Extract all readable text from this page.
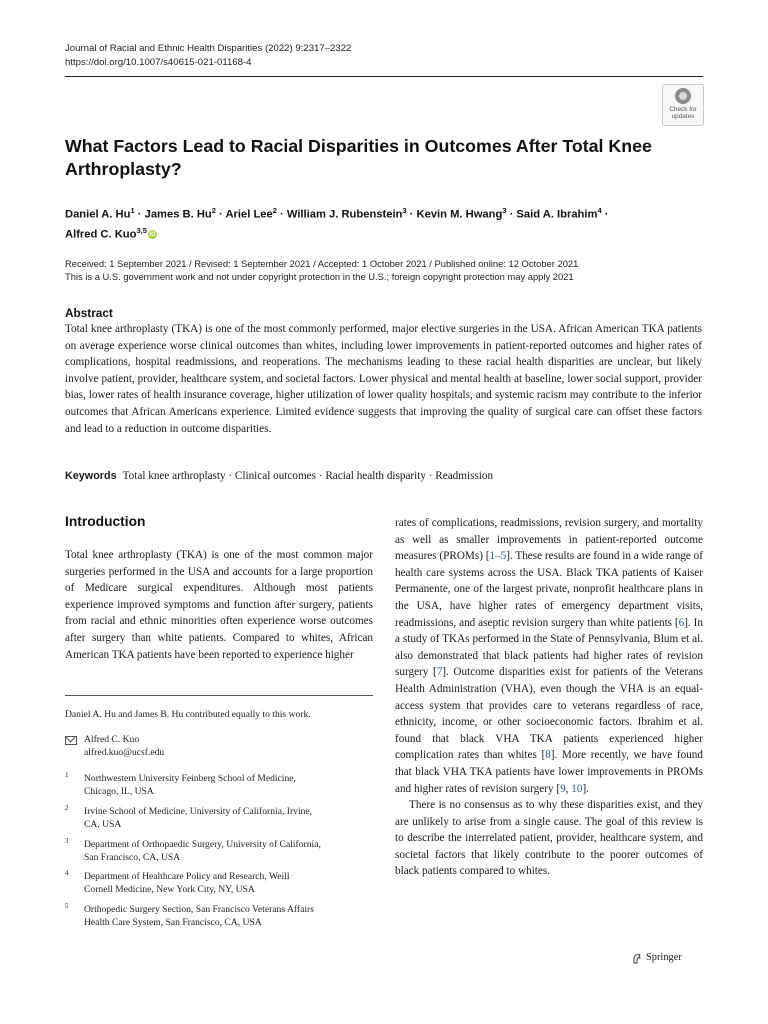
Journal of Racial and Ethnic Health Disparities (2022) 9:2317–2322
https://doi.org/10.1007/s40615-021-01168-4
Check for
updates
What Factors Lead to Racial Disparities in Outcomes After Total Knee Arthroplasty?
Daniel A. $Hu^1$ · James B. $Hu^2$ · Ariel Lee$^2$ · William J. Rubenstein$^3$ · Kevin M. Hwang$^3$ · Said A. Ibrahim$^4$ ·
Alfred C. Kuo$^{3,5}$iD
Received: 1 September 2021 / Revised: 1 September 2021 / Accepted: 1 October 2021 / Published online: 12 October 2021
This is a U.S. government work and not under copyright protection in the U.S.; foreign copyright protection may apply 2021
Abstract
Total knee arthroplasty (TKA) is one of the most commonly performed, major elective surgeries in the USA. African American TKA patients on average experience worse clinical outcomes than whites, including lower improvements in patient-reported outcomes and higher rates of complications, hospital readmissions, and reoperations. The mechanisms leading to these racial health disparities are unclear, but likely involve patient, provider, healthcare system, and societal factors. Lower physical and mental health at baseline, lower social support, provider bias, lower rates of health insurance coverage, higher utilization of lower quality hospitals, and systemic racism may contribute to the inferior outcomes that African Americans experience. Limited evidence suggests that improving the quality of surgical care can offset these factors and lead to a reduction in outcome disparities.
Keywords Total knee arthroplasty · Clinical outcomes · Racial health disparity · Readmission
Introduction
Total knee arthroplasty (TKA) is one of the most common major surgeries performed in the USA and accounts for a large proportion of Medicare surgical expenditures. Although most patients experience improved symptoms and function after surgery, patients from racial and ethnic minorities often experience worse outcomes after surgery than white patients. Compared to whites, African American TKA patients have been reported to experience higher

rates of complications, readmissions, revision surgery, and mortality as well as smaller improvements in patient-reported outcome measures (PROMs) [1–5]. These results are found in a wide range of health care systems across the USA. Black TKA patients of Kaiser Permanente, one of the largest private, nonprofit healthcare plans in the USA, have higher rates of emergency department visits, readmissions, and aseptic revision surgery than white patients [6]. In a study of TKAs performed in the State of Pennsylvania, Blum et al. also demonstrated that black patients had higher rates of revision surgery [7]. Outcome disparities exist for patients of the Veterans Health Administration (VHA), even though the VHA is an equal-access system that provides care to veterans regardless of race, ethnicity, income, or other socioeconomic factors. Ibrahim et al. found that black VHA TKA patients experienced higher complication rates than whites [8]. More recently, we have found that black VHA TKA patients have lower improvements in PROMs and higher rates of revision surgery [9, 10].

There is no consensus as to why these disparities exist, and they are unlikely to arise from a single cause. The goal of this review is to describe the interrelated patient, provider, healthcare system, and societal factors that likely contribute to the poorer outcomes of black patients compared to whites.

Daniel A. Hu and James B. Hu contributed equally to this work.
Alfred C. Kuo
alfred.kuo@ucsf.edu
1 Northwestern University Feinberg School of Medicine,
Chicago, IL, USA
2 Irvine School of Medicine, University of California, Irvine,
CA, USA
3 Department of Orthopaedic Surgery, University of California,
San Francisco, CA, USA
4 Department of Healthcare Policy and Research, Weill
Cornell Medicine, New York City, NY, USA
5 Orthopedic Surgery Section, San Francisco Veterans Affairs
Health Care System, San Francisco, CA, USA
Springer
